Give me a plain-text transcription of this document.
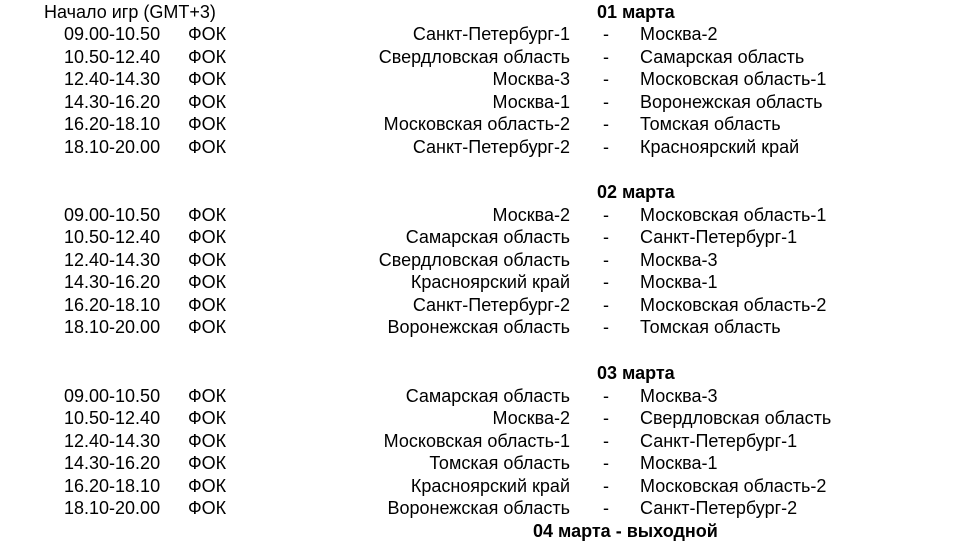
Начало игр (GMT+3)	01 марта
09.00-10.50 ФОК	Санкт-Петербург-1 - Москва-2
10.50-12.40 ФОК	Свердловская область - Самарская область
12.40-14.30 ФОК	Москва-3 - Московская область-1
14.30-16.20 ФОК	Москва-1 - Воронежская область
16.20-18.10 ФОК	Московская область-2 - Томская область
18.10-20.00 ФОК	Санкт-Петербург-2 - Красноярский край
02 марта
09.00-10.50 ФОК	Москва-2 - Московская область-1
10.50-12.40 ФОК	Самарская область - Санкт-Петербург-1
12.40-14.30 ФОК	Свердловская область - Москва-3
14.30-16.20 ФОК	Красноярский край - Москва-1
16.20-18.10 ФОК	Санкт-Петербург-2 - Московская область-2
18.10-20.00 ФОК	Воронежская область - Томская область
03 марта
09.00-10.50 ФОК	Самарская область - Москва-3
10.50-12.40 ФОК	Москва-2 - Свердловская область
12.40-14.30 ФОК	Московская область-1 - Санкт-Петербург-1
14.30-16.20 ФОК	Томская область - Москва-1
16.20-18.10 ФОК	Красноярский край - Московская область-2
18.10-20.00 ФОК	Воронежская область - Санкт-Петербург-2
04 марта - выходной
